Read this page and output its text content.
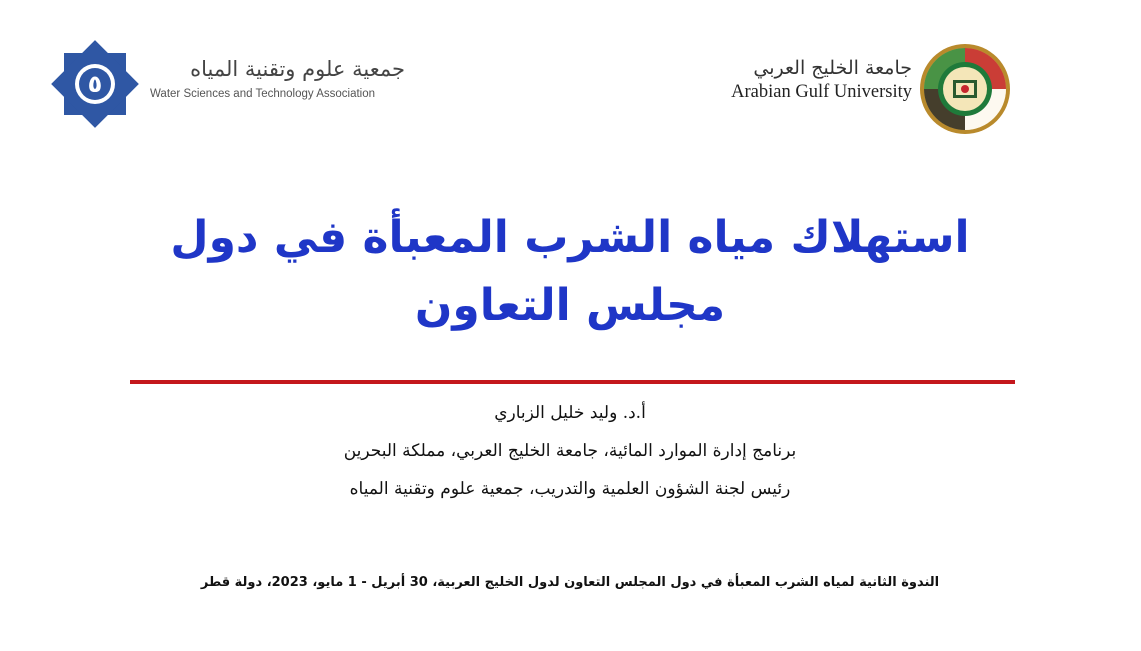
٥
جمعية علوم وتقنية المياه
Water Sciences and Technology Association
جامعة الخليج العربي
Arabian Gulf University
استهلاك مياه الشرب المعبأة في دول
مجلس التعاون
أ.د. وليد خليل الزباري
برنامج إدارة الموارد المائية، جامعة الخليج العربي، مملكة البحرين
رئيس لجنة الشؤون العلمية والتدريب، جمعية علوم وتقنية المياه
الندوة الثانية لمياه الشرب المعبأة في دول المجلس التعاون لدول الخليج العربية، 30 أبريل - 1 مايو، 2023، دولة قطر
